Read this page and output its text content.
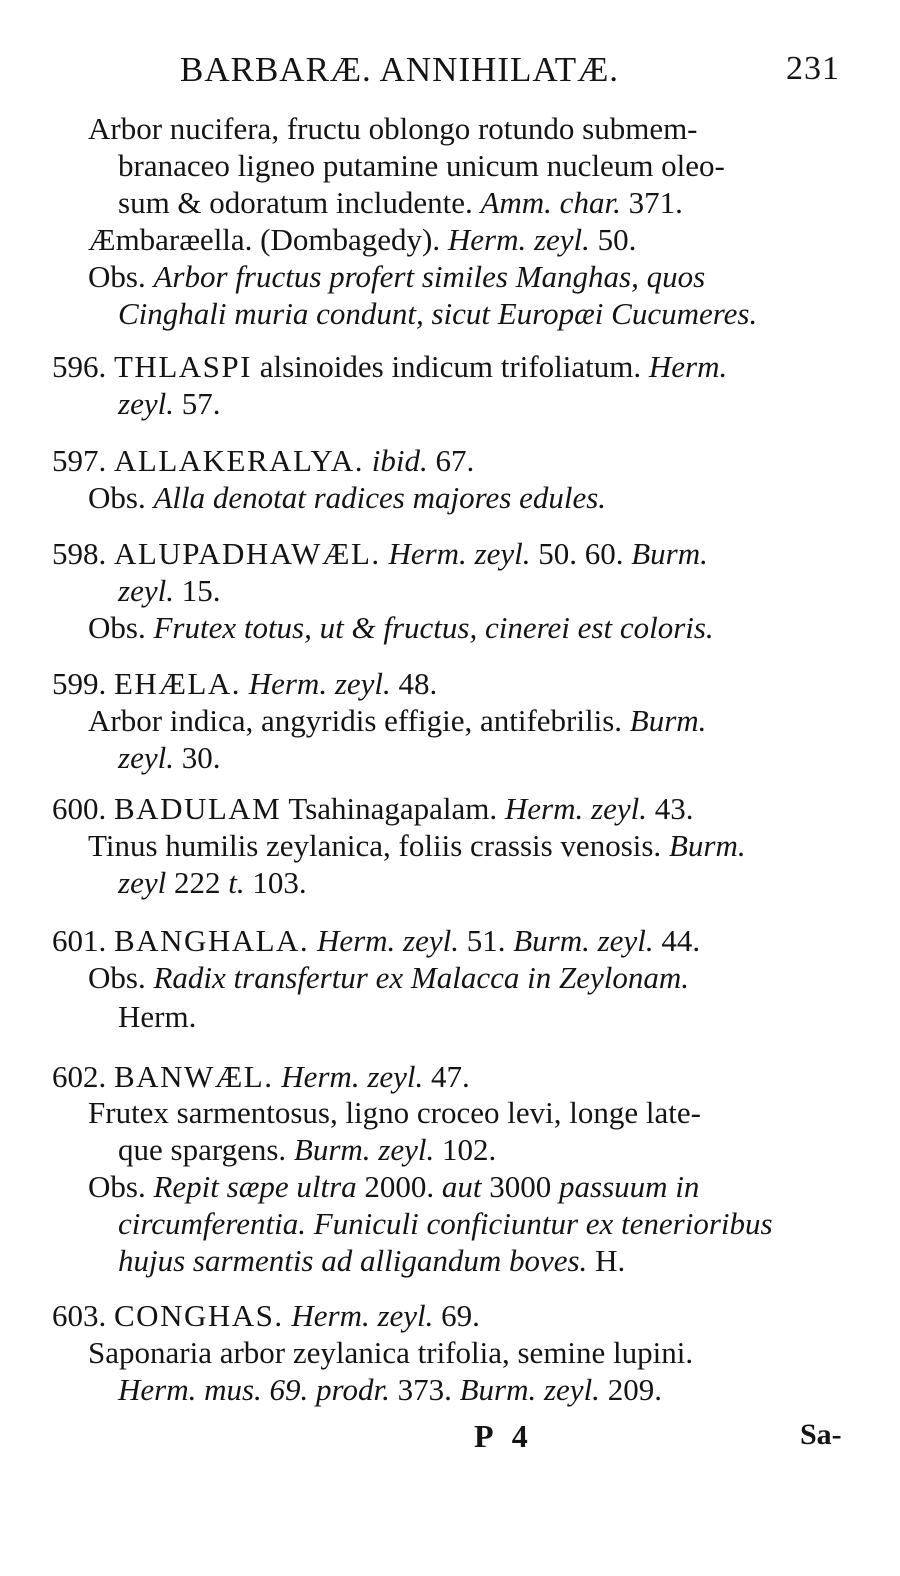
BARBARÆ. ANNIHILATÆ.	231
Arbor nucifera, fructu oblongo rotundo submem-
branaceo ligneo putamine unicum nucleum oleo-
sum & odoratum includente. Amm. char. 371.
Æmbaræella. (Dombagedy). Herm. zeyl. 50.
Obs. Arbor fructus profert similes Manghas, quos
Cinghali muria condunt, sicut Europæi Cucumeres.
596. THLASPI alsinoides indicum trifoliatum. Herm.
zeyl. 57.
597. ALLAKERALYA. ibid. 67.
Obs. Alla denotat radices majores edules.
598. ALUPADHAWÆL. Herm. zeyl. 50. 60. Burm.
zeyl. 15.
Obs. Frutex totus, ut & fructus, cinerei est coloris.
599. EHÆLA. Herm. zeyl. 48.
Arbor indica, angyridis effigie, antifebrilis. Burm.
zeyl. 30.
600. BADULAM Tsahinagapalam. Herm. zeyl. 43.
Tinus humilis zeylanica, foliis crassis venosis. Burm.
zeyl 222 t. 103.
601. BANGHALA. Herm. zeyl. 51. Burm. zeyl. 44.
Obs. Radix transfertur ex Malacca in Zeylonam.
Herm.
602. BANWÆL. Herm. zeyl. 47.
Frutex sarmentosus, ligno croceo levi, longe late-
que spargens. Burm. zeyl. 102.
Obs. Repit sæpe ultra 2000. aut 3000 passuum in
circumferentia. Funiculi conficiuntur ex tenerioribus
hujus sarmentis ad alligandum boves. H.
603. CONGHAS. Herm. zeyl. 69.
Saponaria arbor zeylanica trifolia, semine lupini.
Herm. mus. 69. prodr. 373. Burm. zeyl. 209.
P 4	Sa-
